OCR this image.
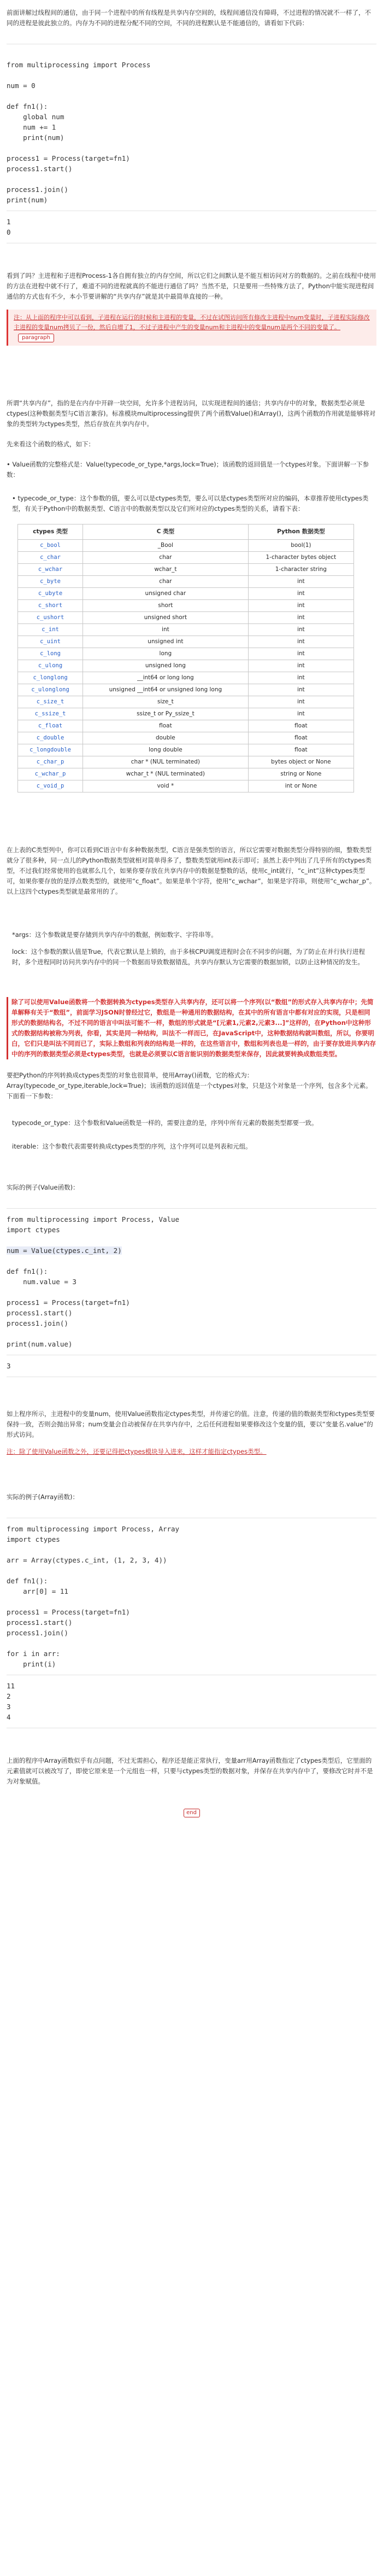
前面讲解过线程间的通信，由于同一个进程中的所有线程是共享内存空间的，线程间通信没有障碍，不过进程的情况就不一样了，不同的进程是彼此独立的。内存为不同的进程分配不同的空间，不同的进程默认是不能通信的，请看如下代码：

from multiprocessing import Process

num = 0

def fn1():
global num
num += 1
print(num)

process1 = Process(target=fn1)
process1.start()

process1.join()
print(num)
1
0

看到了吗？主进程和子进程Process-1各自拥有独立的内存空间，所以它们之间默认是不能互相访问对方的数据的。之前在线程中使用的方法在进程中就不行了，难道不同的进程就真的不能进行通信了吗？当然不是，只是要用一些特殊方法了，Python中能实现进程间通信的方式也有不少，本小节要讲解的“共享内存”就是其中最简单直接的一种。

注：从上面的程序中可以看到，子进程在运行的时候和主进程的变量，不过在试图访问所有修改主进程中num变量时，子进程实际修改主进程的变量num拷贝了一份，然后自增了1，不过子进程中产生的变量num和主进程中的变量num是两个不同的变量了。 paragraph

所谓“共享内存”，指的是在内存中开辟一块空间，允许多个进程访问，以实现进程间的通信；共享内存中的对象，数据类型必须是ctypes(这种数据类型与C语言兼容)。标准模块multiprocessing提供了两个函数Value()和Array()，这两个函数的作用就是能够将对象的类型转为ctypes类型，然后存放在共享内存中。

先来看这个函数的格式，如下：

• Value函数的完整格式是：Value(typecode_or_type,*args,lock=True)；该函数的返回值是一个ctypes对象。下面讲解一下参数：

• typecode_or_type：这个参数的值，要么可以是ctypes类型，要么可以是ctypes类型所对应的编码，本章推荐使用ctypes类型，有关于Python中的数据类型、C语言中的数据类型以及它们所对应的ctypes类型的关系，请看下表：

ctypes 类型	C 类型	Python 数据类型
c_bool	_Bool	bool(1)
c_char	char	1-character bytes object
c_wchar	wchar_t	1-character string
c_byte	char	int
c_ubyte	unsigned char	int
c_short	short	int
c_ushort	unsigned short	int
c_int	int	int
c_uint	unsigned int	int
c_long	long	int
c_ulong	unsigned long	int
c_longlong	__int64 or long long	int
c_ulonglong	unsigned __int64 or unsigned long long	int
c_size_t	size_t	int
c_ssize_t	ssize_t or Py_ssize_t	int
c_float	float	float
c_double	double	float
c_longdouble	long double	float
c_char_p	char * (NUL terminated)	bytes object or None
c_wchar_p	wchar_t * (NUL terminated)	string or None
c_void_p	void *	int or None

在上表的C类型列中，你可以看到C语言中有多种数据类型，C语言是强类型的语言，所以它需要对数据类型分得特别的细，整数类型就分了很多种，同一点儿的Python数据类型就相对简单得多了，整数类型就用int表示即可；虽然上表中列出了几乎所有的ctypes类型，不过我们经常使用的也就那么几个，如果你要存放在共享内存中的数据是整数的话，使用c_int就行，“c_int”这种ctypes类型可，如果你要存放的是浮点数类型的，就使用“c_float”。如果是单个字符，使用“c_wchar”，如果是字符串，则使用“c_wchar_p”。以上这四个ctypes类型就是最常用的了。

*args：这个参数就是要存储到共享内存中的数据，例如数字、字符串等。

lock：这个参数的默认值是True，代表它默认是上锁的，由于多核CPU调度进程时会在不同步的问题，为了防止在并行执行进程时，多个进程同时访问共享内存中的同一个数据而导致数据错乱，共享内存默认为它需要的数据加锁，以防止这种情况的发生。

除了可以使用Value函数将一个数据转换为ctypes类型存入共享内存，还可以将一个序列(以“数组”的形式存入共享内存中；先简单解释有关于“数组”，前面学习JSON时曾经过它，数组是一种通用的数据结构，在其中的所有语言中都有对应的实现，只是相同形式的数据结构名，不过不同的语言中叫法可能不一样，数组的形式就是“[元素1,元素2,元素3...]”这样的，在Python中这种形式的数据结构被称为列表，你看，其实是同一种结构，叫法不一样而已，在JavaScript中，这种数据结构就叫数组，所以，你要明白，它们只是叫法不同而已了，实际上数组和列表的结构是一样的，在这些语言中，数组和列表也是一样的，由于要存放进共享内存中的序列的数据类型必须是ctypes类型，也就是必须要以C语言能识别的数据类型来保存，因此就要转换成数组类型。

要把Python的序列转换成ctypes类型的对象也很简单，使用Array()函数，它的格式为：Array(typecode_or_type,iterable,lock=True)；该函数的返回值是一个ctypes对象，只是这个对象是一个序列，包含多个元素。下面看一下参数：

typecode_or_type：这个参数和Value函数是一样的，需要注意的是，序列中所有元素的数据类型都要一致。

iterable：这个参数代表需要转换成ctypes类型的序列，这个序列可以是列表和元组。

实际的例子(Value函数)：

from multiprocessing import Process, Value
import ctypes

num = Value(ctypes.c_int, 2)

def fn1():
num.value = 3

process1 = Process(target=fn1)
process1.start()
process1.join()

print(num.value)
3

如上程序所示，主进程中的变量num，使用Value函数指定ctypes类型，并传递它的值。注意，传递的值的数据类型和ctypes类型要保持一致，否则会抛出异常；num变量会自动被保存在共享内存中，之后任何进程如果要修改这个变量的值，要以“变量名.value”的形式访问。

注：除了使用Value函数之外，还要记得把ctypes模块导入进来，这样才能指定ctypes类型。

实际的例子(Array函数)：

from multiprocessing import Process, Array
import ctypes

arr = Array(ctypes.c_int, (1, 2, 3, 4))

def fn1():
arr[0] = 11

process1 = Process(target=fn1)
process1.start()
process1.join()

for i in arr:
print(i)
11
2
3
4

上面的程序中Array函数似乎有点问题，不过无需担心，程序还是能正常执行，变量arr用Array函数指定了ctypes类型后，它里面的元素值就可以被改写了，即使它原来是一个元组也一样，只要与ctypes类型的数据对象，并保存在共享内存中了，要修改它时并不是为对象赋值。

end
